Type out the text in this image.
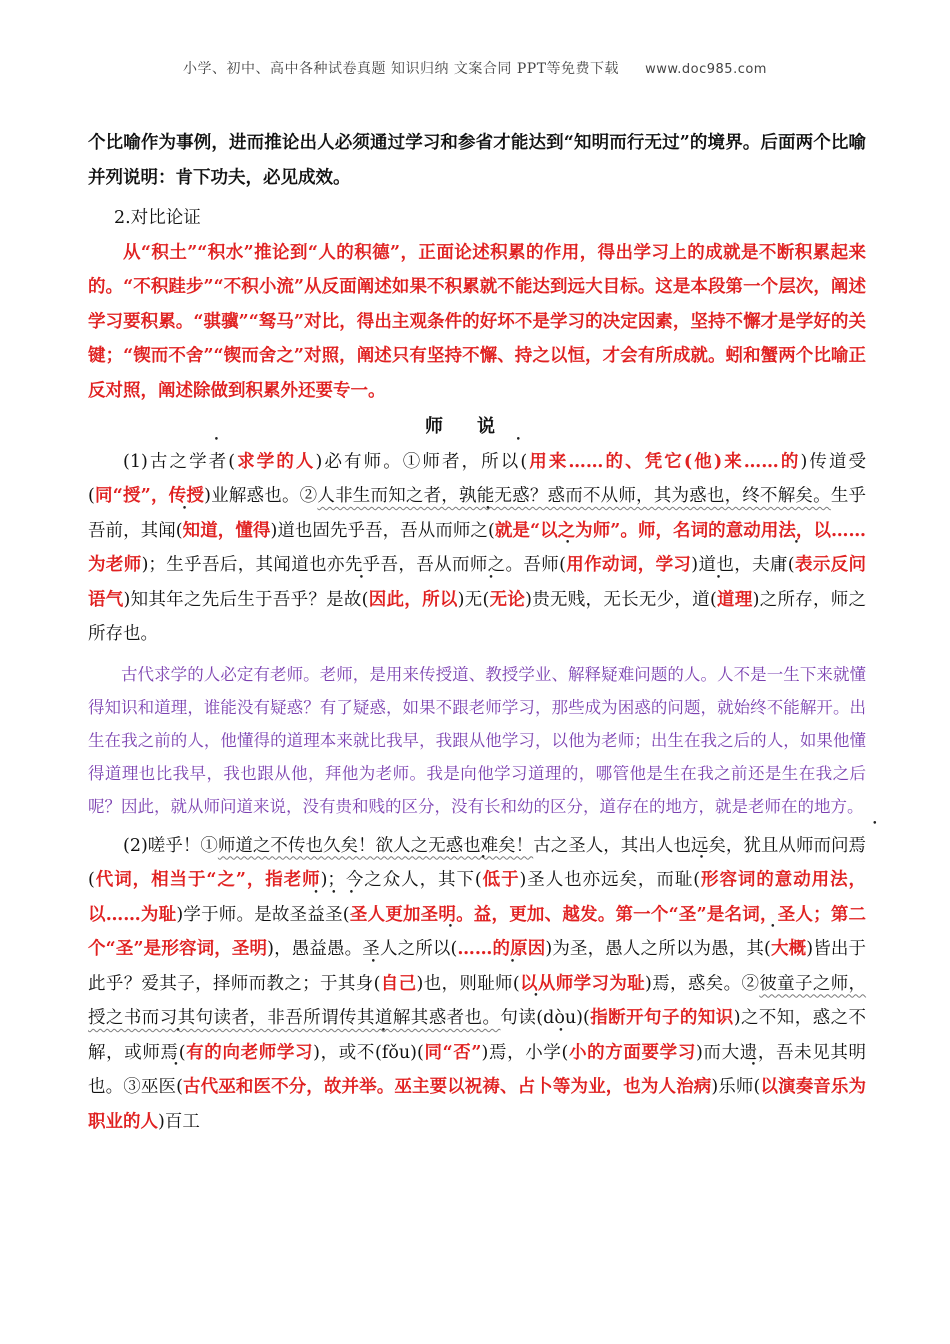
小学、初中、高中各种试卷真题 知识归纳 文案合同 PPT等免费下载 www.doc985.com

个比喻作为事例，进而推论出人必须通过学习和参省才能达到“知明而行无过”的境界。后面两个比喻并列说明：肯下功夫，必见成效。

2.对比论证

从“积土”“积水”推论到“人的积德”，正面论述积累的作用，得出学习上的成就是不断积累起来的。“不积跬步”“不积小流”从反面阐述如果不积累就不能达到远大目标。这是本段第一个层次，阐述学习要积累。“骐骥”“驽马”对比，得出主观条件的好坏不是学习的决定因素，坚持不懈才是学好的关键；“锲而不舍”“锲而舍之”对照，阐述只有坚持不懈、持之以恒，才会有所成就。蚓和蟹两个比喻正反对照，阐述除做到积累外还要专一。

师说

(1)古之学者(求学的人)必有师。①师者，所以(用来……的、凭它(他)来……的)传道受(同“授”，传授)业解惑也。②人非生而知之者，孰能无惑？惑而不从师，其为惑也，终不解矣。生乎吾前，其闻(知道，懂得)道也固先乎吾，吾从而师之(就是“以之为师”。师，名词的意动用法，以……为老师)；生乎吾后，其闻道也亦先乎吾，吾从而师之。吾师(用作动词，学习)道也，夫庸(表示反问语气)知其年之先后生于吾乎？是故(因此，所以)无(无论)贵无贱，无长无少，道(道理)之所存，师之所存也。

古代求学的人必定有老师。老师，是用来传授道、教授学业、解释疑难问题的人。人不是一生下来就懂得知识和道理，谁能没有疑惑？有了疑惑，如果不跟老师学习，那些成为困惑的问题，就始终不能解开。出生在我之前的人，他懂得的道理本来就比我早，我跟从他学习，以他为老师；出生在我之后的人，如果他懂得道理也比我早，我也跟从他，拜他为老师。我是向他学习道理的，哪管他是生在我之前还是生在我之后呢？因此，就从师问道来说，没有贵和贱的区分，没有长和幼的区分，道存在的地方，就是老师在的地方。

(2)嗟乎！①师道之不传也久矣！欲人之无惑也难矣！古之圣人，其出人也远矣，犹且从师而问焉(代词，相当于“之”，指老师)；今之众人，其下(低于)圣人也亦远矣，而耻(形容词的意动用法，以……为耻)学于师。是故圣益圣(圣人更加圣明。益，更加、越发。第一个“圣”是名词，圣人；第二个“圣”是形容词，圣明)，愚益愚。圣人之所以(……的原因)为圣，愚人之所以为愚，其(大概)皆出于此乎？爱其子，择师而教之；于其身(自己)也，则耻师(以从师学习为耻)焉，惑矣。②彼童子之师，授之书而习其句读者，非吾所谓传其道解其惑者也。句读(dòu)(指断开句子的知识)之不知，惑之不解，或师焉(有的向老师学习)，或不(fǒu)(同“否”)焉，小学(小的方面要学习)而大遗，吾未见其明也。③巫医(古代巫和医不分，故并举。巫主要以祝祷、占卜等为业，也为人治病)乐师(以演奏音乐为职业的人)百工
